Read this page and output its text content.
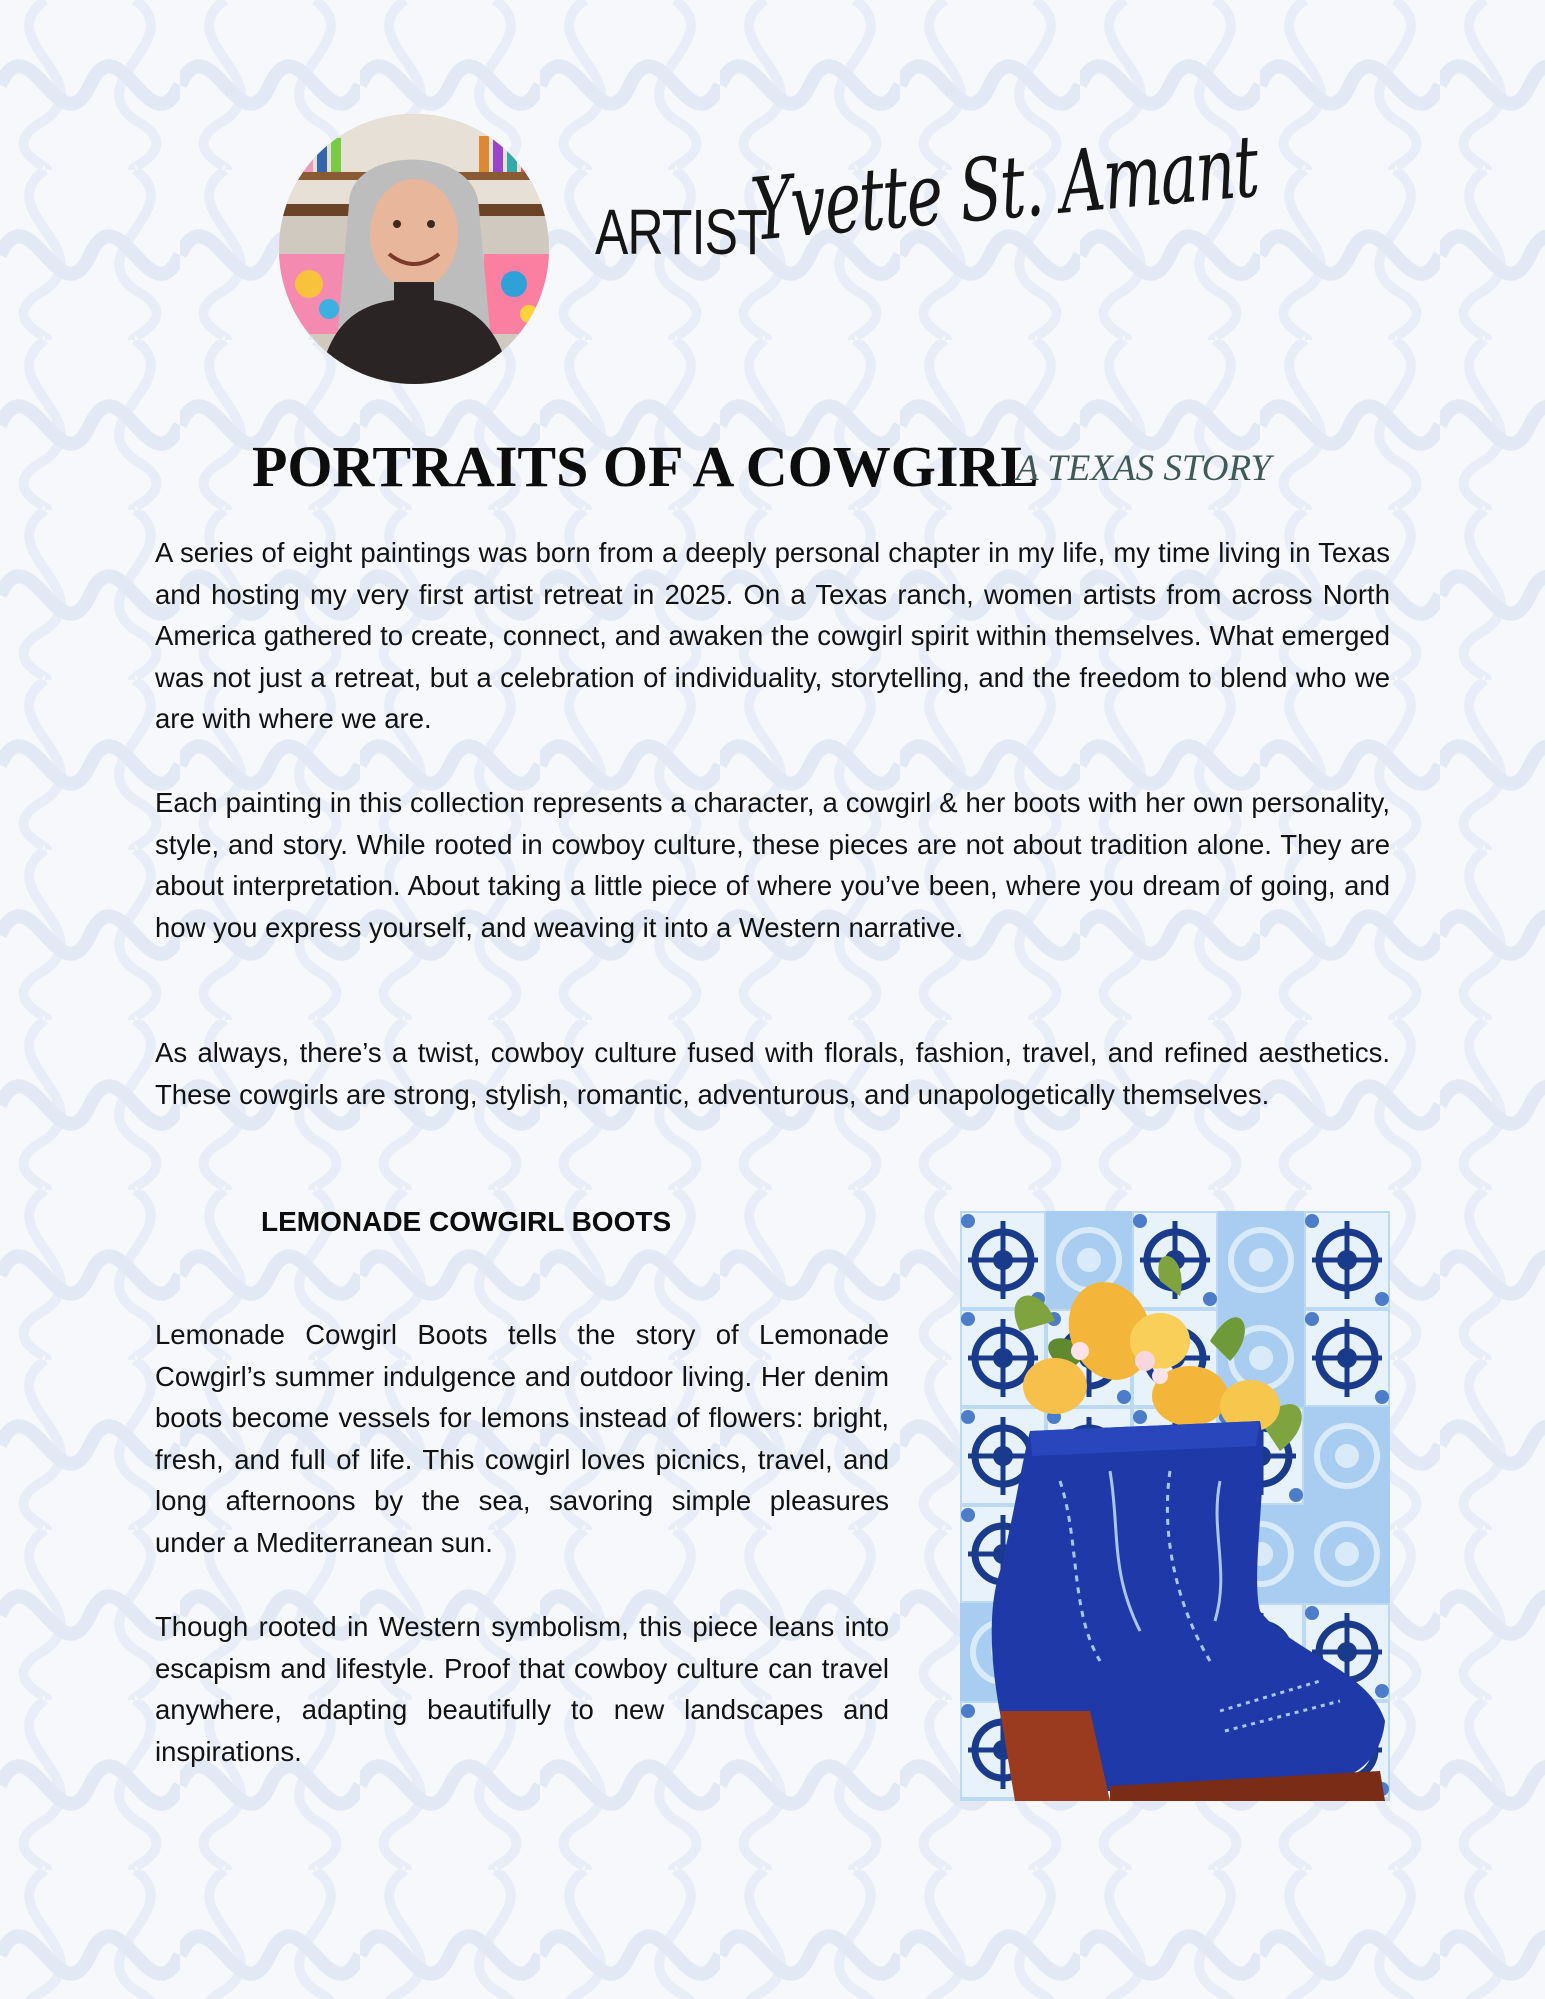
ARTIST
Yvette St. Amant
PORTRAITS OF A COWGIRL
A TEXAS STORY

A series of eight paintings was born from a deeply personal chapter in my life, my time living in Texas and hosting my very first artist retreat in 2025. On a Texas ranch, women artists from across North America gathered to create, connect, and awaken the cowgirl spirit within themselves. What emerged was not just a retreat, but a celebration of individuality, storytelling, and the freedom to blend who we are with where we are.

Each painting in this collection represents a character, a cowgirl & her boots with her own personality, style, and story. While rooted in cowboy culture, these pieces are not about tradition alone. They are about interpretation. About taking a little piece of where you’ve been, where you dream of going, and how you express yourself, and weaving it into a Western narrative.

As always, there’s a twist, cowboy culture fused with florals, fashion, travel, and refined aesthetics. These cowgirls are strong, stylish, romantic, adventurous, and unapologetically themselves.

LEMONADE COWGIRL BOOTS

Lemonade Cowgirl Boots tells the story of Lemonade Cowgirl’s summer indulgence and outdoor living. Her denim boots become vessels for lemons instead of flowers: bright, fresh, and full of life. This cowgirl loves picnics, travel, and long afternoons by the sea, savoring simple pleasures under a Mediterranean sun.

Though rooted in Western symbolism, this piece leans into escapism and lifestyle. Proof that cowboy culture can travel anywhere, adapting beautifully to new landscapes and inspirations.
